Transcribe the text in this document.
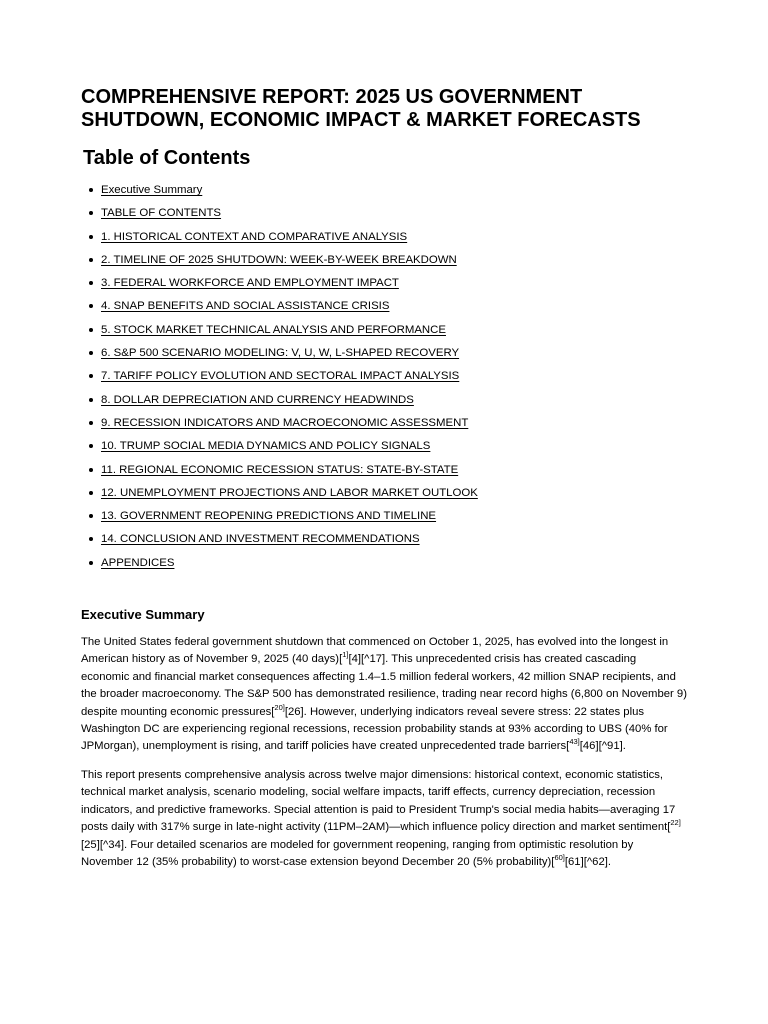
COMPREHENSIVE REPORT: 2025 US GOVERNMENT SHUTDOWN, ECONOMIC IMPACT & MARKET FORECASTS
Table of Contents
Executive Summary
TABLE OF CONTENTS
1. HISTORICAL CONTEXT AND COMPARATIVE ANALYSIS
2. TIMELINE OF 2025 SHUTDOWN: WEEK-BY-WEEK BREAKDOWN
3. FEDERAL WORKFORCE AND EMPLOYMENT IMPACT
4. SNAP BENEFITS AND SOCIAL ASSISTANCE CRISIS
5. STOCK MARKET TECHNICAL ANALYSIS AND PERFORMANCE
6. S&P 500 SCENARIO MODELING: V, U, W, L-SHAPED RECOVERY
7. TARIFF POLICY EVOLUTION AND SECTORAL IMPACT ANALYSIS
8. DOLLAR DEPRECIATION AND CURRENCY HEADWINDS
9. RECESSION INDICATORS AND MACROECONOMIC ASSESSMENT
10. TRUMP SOCIAL MEDIA DYNAMICS AND POLICY SIGNALS
11. REGIONAL ECONOMIC RECESSION STATUS: STATE-BY-STATE
12. UNEMPLOYMENT PROJECTIONS AND LABOR MARKET OUTLOOK
13. GOVERNMENT REOPENING PREDICTIONS AND TIMELINE
14. CONCLUSION AND INVESTMENT RECOMMENDATIONS
APPENDICES
Executive Summary

The United States federal government shutdown that commenced on October 1, 2025, has evolved into the longest in American history as of November 9, 2025 (40 days)[$^{1]}$[4][^17]. This unprecedented crisis has created cascading economic and financial market consequences affecting 1.4–1.5 million federal workers, 42 million SNAP recipients, and the broader macroeconomy. The S&P 500 has demonstrated resilience, trading near record highs (6,800 on November 9) despite mounting economic pressures[$^{20]}$[26]. However, underlying indicators reveal severe stress: 22 states plus Washington DC are experiencing regional recessions, recession probability stands at 93% according to UBS (40% for JPMorgan), unemployment is rising, and tariff policies have created unprecedented trade barriers[$^{43]}$[46][^91].

This report presents comprehensive analysis across twelve major dimensions: historical context, economic statistics, technical market analysis, scenario modeling, social welfare impacts, tariff effects, currency depreciation, recession indicators, and predictive frameworks. Special attention is paid to President Trump's social media habits—averaging 17 posts daily with 317% surge in late-night activity (11PM–2AM)—which influence policy direction and market sentiment[$^{22]}$[25][^34]. Four detailed scenarios are modeled for government reopening, ranging from optimistic resolution by November 12 (35% probability) to worst-case extension beyond December 20 (5% probability)[$^{60]}$[61][^62].
